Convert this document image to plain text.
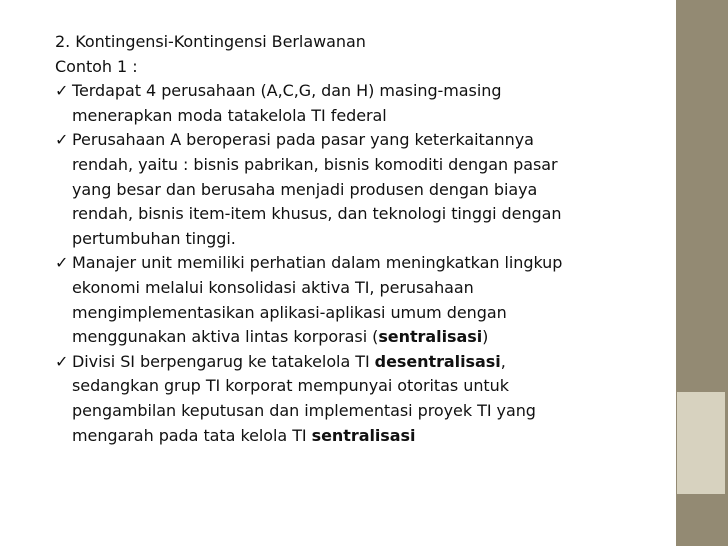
2. Kontingensi-Kontingensi Berlawanan

Contoh 1 :

✓ Terdapat 4 perusahaan (A,C,G, dan H) masing-masing
menerapkan moda tatakelola TI federal
✓ Perusahaan A beroperasi pada pasar yang keterkaitannya
rendah, yaitu : bisnis pabrikan, bisnis komoditi dengan pasar
yang besar dan berusaha menjadi produsen dengan biaya
rendah, bisnis item-item khusus, dan teknologi tinggi dengan
pertumbuhan tinggi.
✓ Manajer unit memiliki perhatian dalam meningkatkan lingkup
ekonomi melalui konsolidasi aktiva TI, perusahaan
mengimplementasikan aplikasi-aplikasi umum dengan
menggunakan aktiva lintas korporasi (sentralisasi)
✓ Divisi SI berpengarug ke tatakelola TI desentralisasi,
sedangkan grup TI korporat mempunyai otoritas untuk
pengambilan keputusan dan implementasi proyek TI yang
mengarah pada tata kelola TI sentralisasi
